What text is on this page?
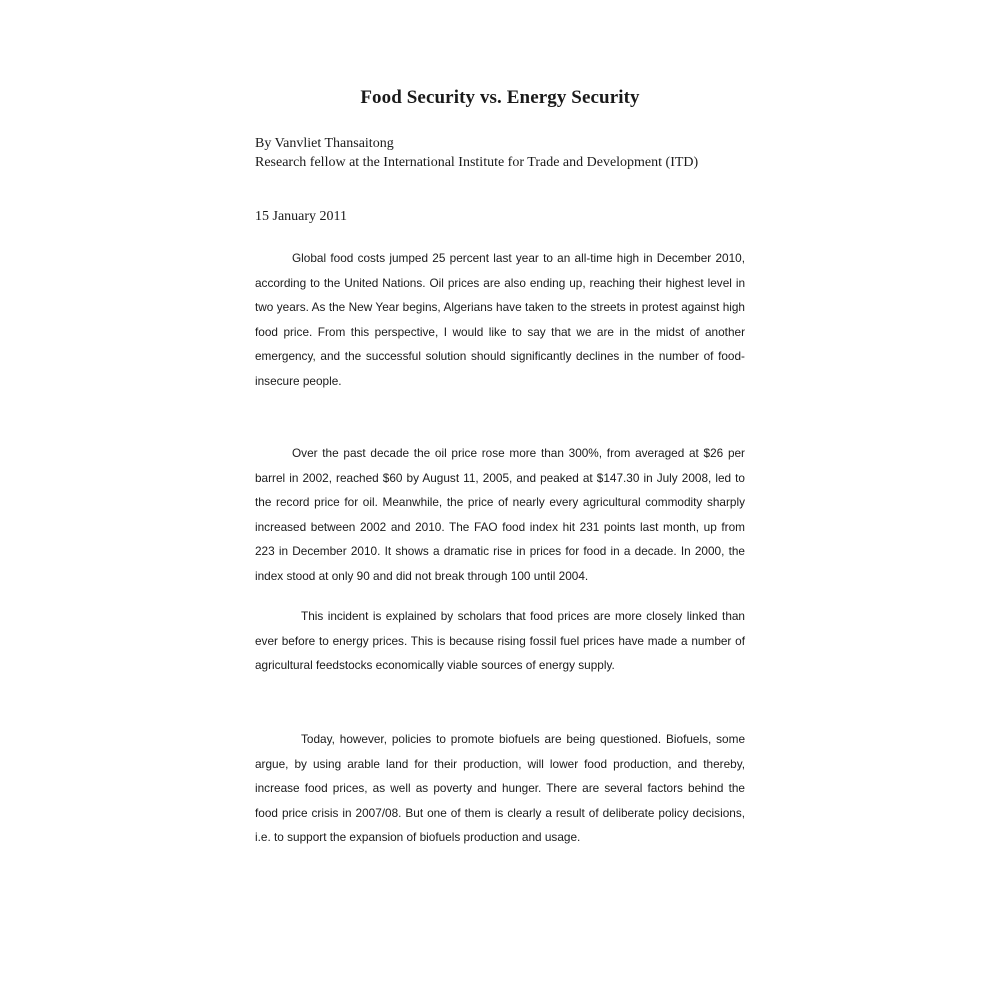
Food Security vs. Energy Security
By Vanvliet Thansaitong
Research fellow at the International Institute for Trade and Development (ITD)
15 January 2011

Global food costs jumped 25 percent last year to an all-time high in December 2010, according to the United Nations. Oil prices are also ending up, reaching their highest level in two years. As the New Year begins, Algerians have taken to the streets in protest against high food price. From this perspective, I would like to say that we are in the midst of another emergency, and the successful solution should significantly declines in the number of food-insecure people.

Over the past decade the oil price rose more than 300%, from averaged at $26 per barrel in 2002, reached $60 by August 11, 2005, and peaked at $147.30 in July 2008, led to the record price for oil. Meanwhile, the price of nearly every agricultural commodity sharply increased between 2002 and 2010. The FAO food index hit 231 points last month, up from 223 in December 2010. It shows a dramatic rise in prices for food in a decade. In 2000, the index stood at only 90 and did not break through 100 until 2004.

This incident is explained by scholars that food prices are more closely linked than ever before to energy prices. This is because rising fossil fuel prices have made a number of agricultural feedstocks economically viable sources of energy supply.

Today, however, policies to promote biofuels are being questioned. Biofuels, some argue, by using arable land for their production, will lower food production, and thereby, increase food prices, as well as poverty and hunger. There are several factors behind the food price crisis in 2007/08. But one of them is clearly a result of deliberate policy decisions, i.e. to support the expansion of biofuels production and usage.
